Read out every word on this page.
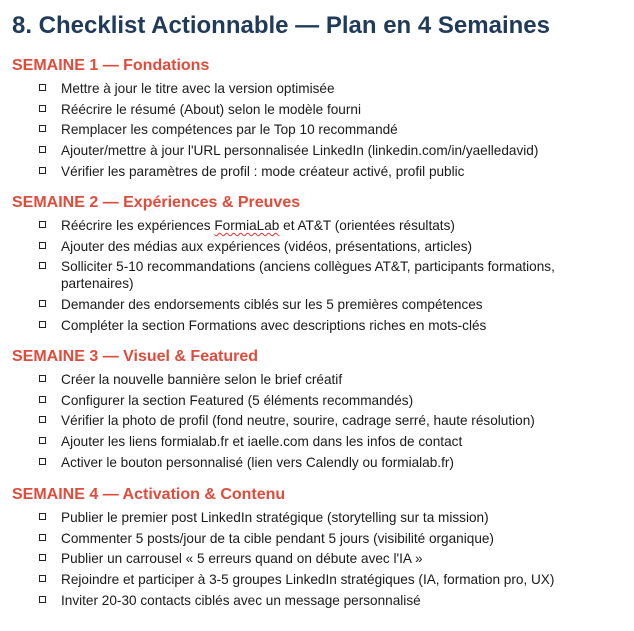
8. Checklist Actionnable — Plan en 4 Semaines
SEMAINE 1 — Fondations
Mettre à jour le titre avec la version optimisée
Réécrire le résumé (About) selon le modèle fourni
Remplacer les compétences par le Top 10 recommandé
Ajouter/mettre à jour l'URL personnalisée LinkedIn (linkedin.com/in/yaelledavid)
Vérifier les paramètres de profil : mode créateur activé, profil public
SEMAINE 2 — Expériences & Preuves
Réécrire les expériences FormiaLab et AT&T (orientées résultats)
Ajouter des médias aux expériences (vidéos, présentations, articles)
Solliciter 5-10 recommandations (anciens collègues AT&T, participants formations, partenaires)
Demander des endorsements ciblés sur les 5 premières compétences
Compléter la section Formations avec descriptions riches en mots-clés
SEMAINE 3 — Visuel & Featured
Créer la nouvelle bannière selon le brief créatif
Configurer la section Featured (5 éléments recommandés)
Vérifier la photo de profil (fond neutre, sourire, cadrage serré, haute résolution)
Ajouter les liens formialab.fr et iaelle.com dans les infos de contact
Activer le bouton personnalisé (lien vers Calendly ou formialab.fr)
SEMAINE 4 — Activation & Contenu
Publier le premier post LinkedIn stratégique (storytelling sur ta mission)
Commenter 5 posts/jour de ta cible pendant 5 jours (visibilité organique)
Publier un carrousel « 5 erreurs quand on débute avec l'IA »
Rejoindre et participer à 3-5 groupes LinkedIn stratégiques (IA, formation pro, UX)
Inviter 20-30 contacts ciblés avec un message personnalisé
